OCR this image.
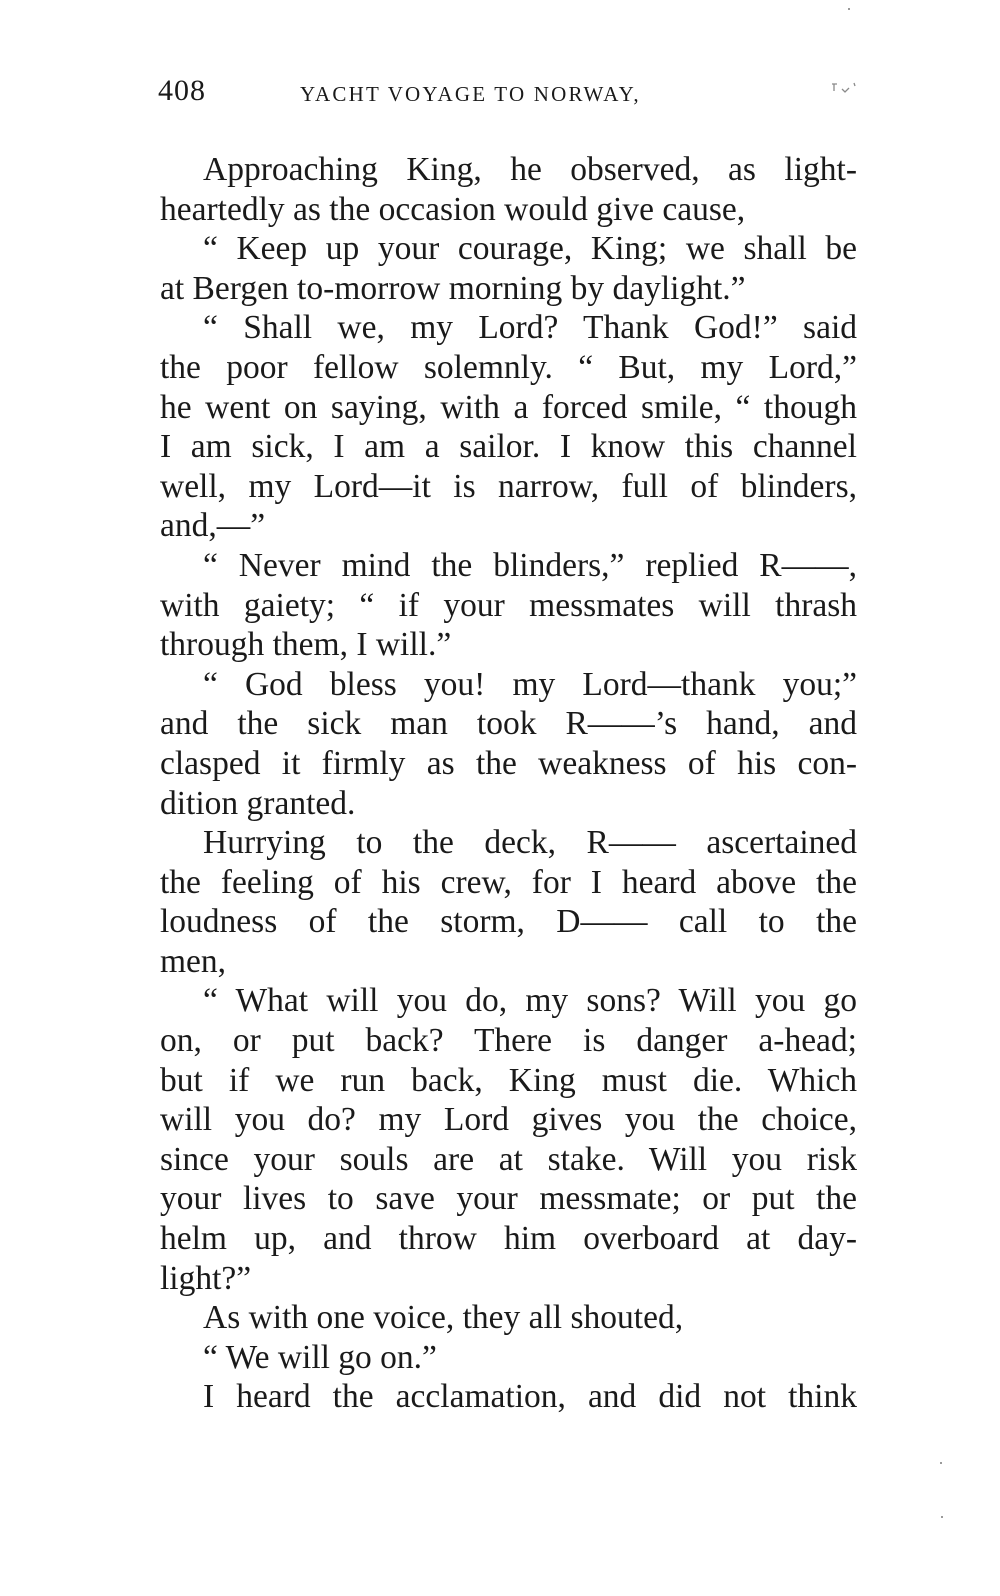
408	YACHT VOYAGE TO NORWAY,
Approaching King, he observed, as light-
heartedly as the occasion would give cause,
“ Keep up your courage, King; we shall be
at Bergen to-morrow morning by daylight.”
“ Shall we, my Lord? Thank God!” said
the poor fellow solemnly. “ But, my Lord,”
he went on saying, with a forced smile, “ though
I am sick, I am a sailor. I know this channel
well, my Lord—it is narrow, full of blinders,
and,—”
“ Never mind the blinders,” replied R——,
with gaiety; “ if your messmates will thrash
through them, I will.”
“ God bless you! my Lord—thank you;”
and the sick man took R——’s hand, and
clasped it firmly as the weakness of his con-
dition granted.
Hurrying to the deck, R—— ascertained
the feeling of his crew, for I heard above the
loudness of the storm, D—— call to the
men,
“ What will you do, my sons? Will you go
on, or put back? There is danger a-head;
but if we run back, King must die. Which
will you do? my Lord gives you the choice,
since your souls are at stake. Will you risk
your lives to save your messmate; or put the
helm up, and throw him overboard at day-
light?”
As with one voice, they all shouted,
“ We will go on.”
I heard the acclamation, and did not think
